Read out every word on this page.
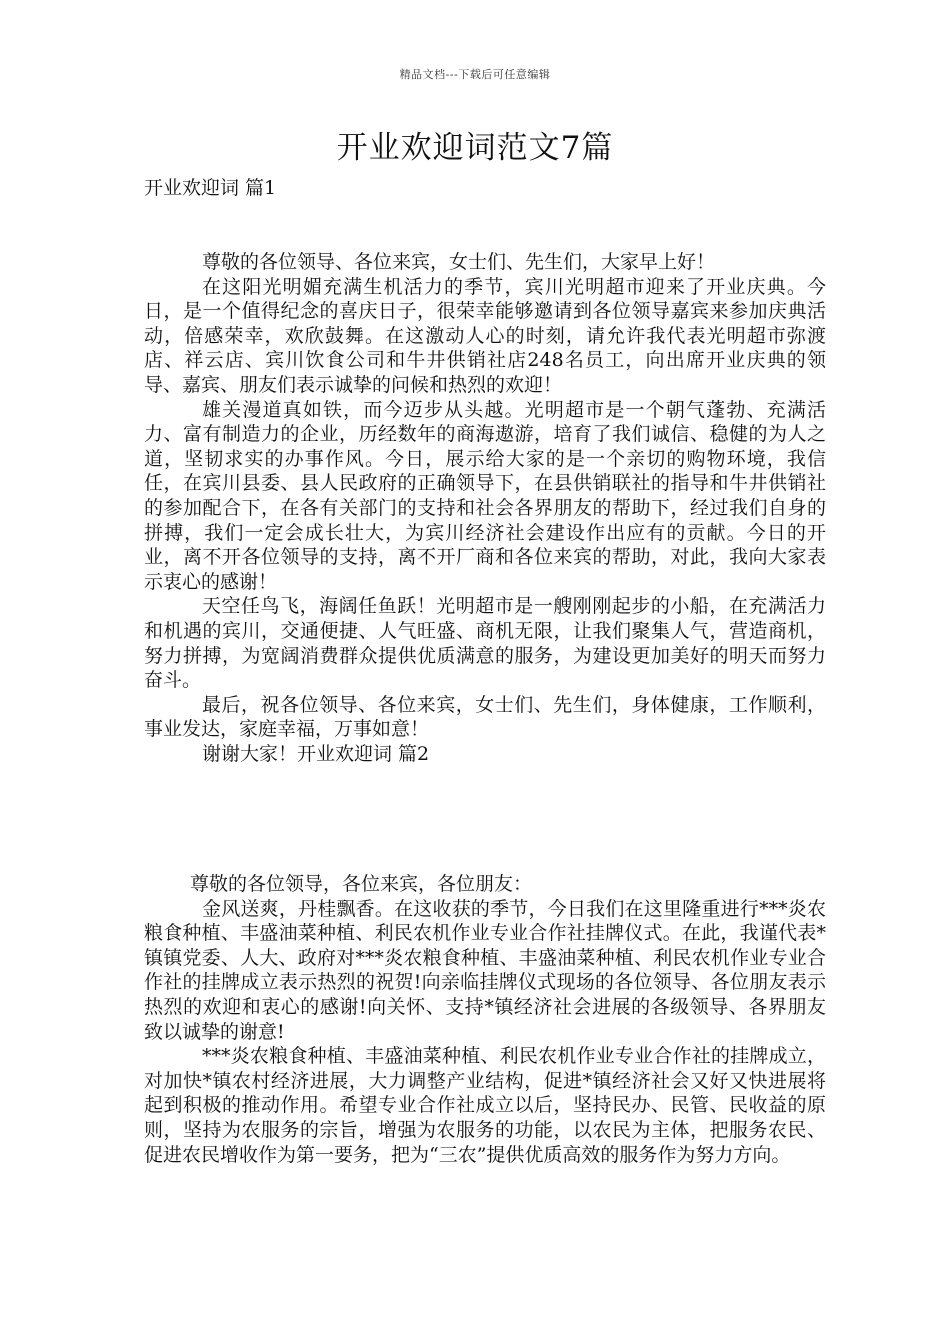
精品文档---下载后可任意编辑
开业欢迎词范文7篇

开业欢迎词 篇1

尊敬的各位领导、各位来宾，女士们、先生们，大家早上好！

在这阳光明媚充满生机活力的季节，宾川光明超市迎来了开业庆典。今日，是一个值得纪念的喜庆日子，很荣幸能够邀请到各位领导嘉宾来参加庆典活动，倍感荣幸，欢欣鼓舞。在这激动人心的时刻，请允许我代表光明超市弥渡店、祥云店、宾川饮食公司和牛井供销社店248名员工，向出席开业庆典的领导、嘉宾、朋友们表示诚挚的问候和热烈的欢迎！

雄关漫道真如铁，而今迈步从头越。光明超市是一个朝气蓬勃、充满活力、富有制造力的企业，历经数年的商海遨游，培育了我们诚信、稳健的为人之道，坚韧求实的办事作风。今日，展示给大家的是一个亲切的购物环境，我信任，在宾川县委、县人民政府的正确领导下，在县供销联社的指导和牛井供销社的参加配合下，在各有关部门的支持和社会各界朋友的帮助下，经过我们自身的拼搏，我们一定会成长壮大，为宾川经济社会建设作出应有的贡献。今日的开业，离不开各位领导的支持，离不开厂商和各位来宾的帮助，对此，我向大家表示衷心的感谢！

天空任鸟飞，海阔任鱼跃！光明超市是一艘刚刚起步的小船，在充满活力和机遇的宾川，交通便捷、人气旺盛、商机无限，让我们聚集人气，营造商机，努力拼搏，为宽阔消费群众提供优质满意的服务，为建设更加美好的明天而努力奋斗。

最后，祝各位领导、各位来宾，女士们、先生们，身体健康，工作顺利，事业发达，家庭幸福，万事如意！

谢谢大家！开业欢迎词 篇2

尊敬的各位领导，各位来宾，各位朋友：

金风送爽，丹桂飘香。在这收获的季节，今日我们在这里隆重进行***炎农粮食种植、丰盛油菜种植、利民农机作业专业合作社挂牌仪式。在此，我谨代表*镇镇党委、人大、政府对***炎农粮食种植、丰盛油菜种植、利民农机作业专业合作社的挂牌成立表示热烈的祝贺!向亲临挂牌仪式现场的各位领导、各位朋友表示热烈的欢迎和衷心的感谢!向关怀、支持*镇经济社会进展的各级领导、各界朋友致以诚挚的谢意!

***炎农粮食种植、丰盛油菜种植、利民农机作业专业合作社的挂牌成立，对加快*镇农村经济进展，大力调整产业结构，促进*镇经济社会又好又快进展将起到积极的推动作用。希望专业合作社成立以后，坚持民办、民管、民收益的原则，坚持为农服务的宗旨，增强为农服务的功能，以农民为主体，把服务农民、促进农民增收作为第一要务，把为“三农”提供优质高效的服务作为努力方向。
